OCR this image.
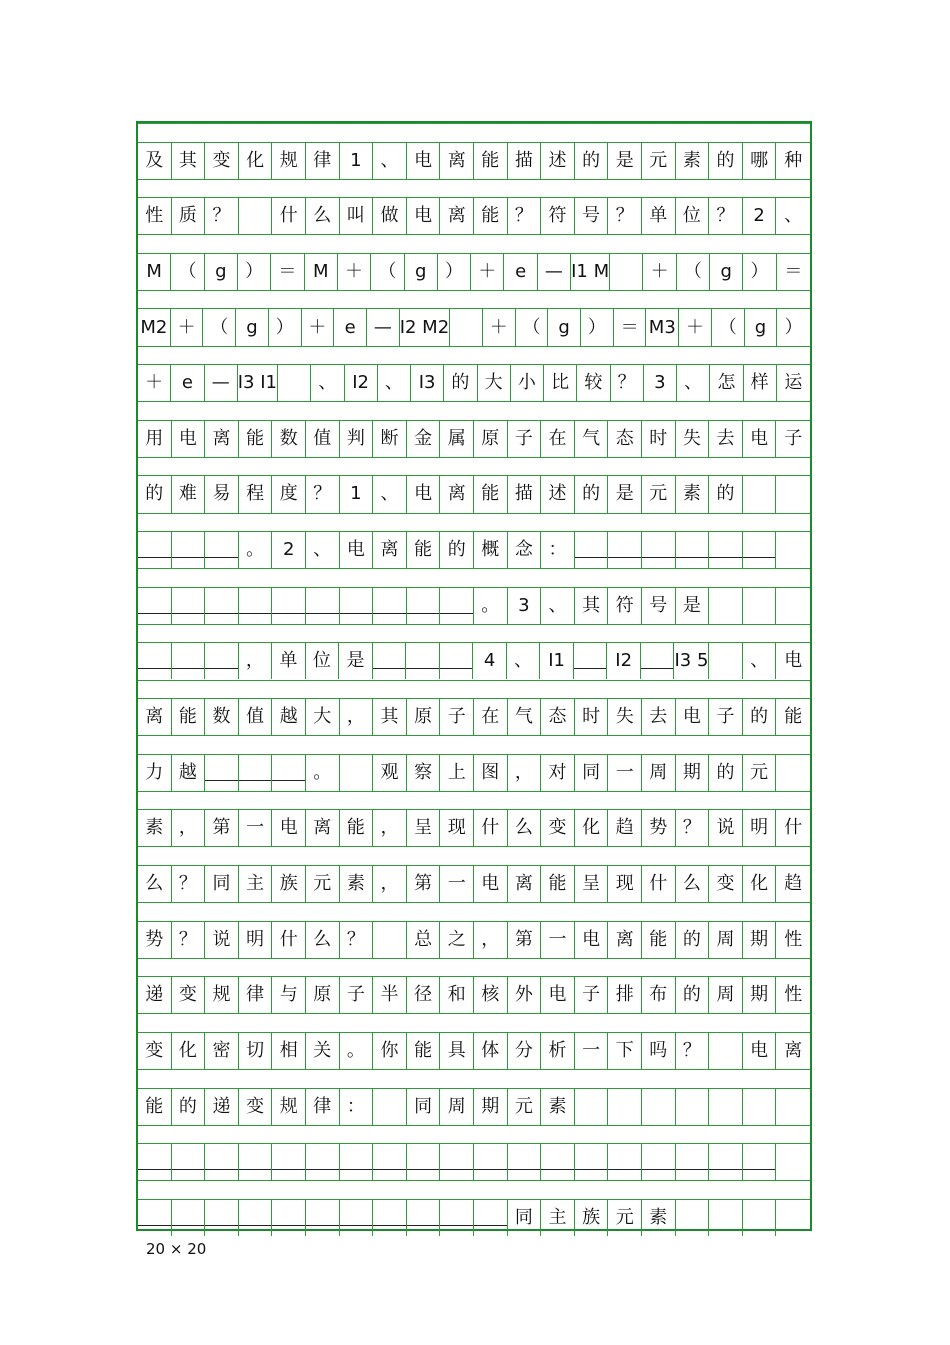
及 其 变 化 规 律	1	、 电 离 能 描 述 的 是 元 素 的 哪 种
性 质 ？	什 么 叫 做 电 离 能 ？ 符 号 ？ 单 位 ？	2	、
M （	g	） ＝ M ＋ （	g	） ＋	e	— I1 M	＋ （	g	） ＝
M2 ＋ （	g ） ＋	e	— I2 M2	＋ （ g	） ＝ M3 ＋ （	g	）
＋	e	— I3 I1	、 I2 、 I3 的 大 小 比 较 ？	3	、 怎 样 运
用 电 离 能 数 值 判 断 金 属 原 子 在 气 态 时 失 去 电 子
的 难 易 程 度 ？	1	、 电 离 能 描 述 的 是 元 素 的
。	2	、 电 离 能 的 概 念 ：
。	3	、 其 符 号 是
， 单 位 是	4	、 I1	I2	I3 5	、 电
离 能 数 值 越 大 ， 其 原 子 在 气 态 时 失 去 电 子 的 能
力 越	。	观 察 上 图 ， 对 同 一 周 期 的 元
素 ， 第 一 电 离 能 ， 呈 现 什 么 变 化 趋 势 ？ 说 明 什
么 ？ 同 主 族 元 素 ， 第 一 电 离 能 呈 现 什 么 变 化 趋
势 ？ 说 明 什 么 ？	总 之 ， 第 一 电 离 能 的 周 期 性
递 变 规 律 与 原 子 半 径 和 核 外 电 子 排 布 的 周 期 性
变 化 密 切 相 关 。 你 能 具 体 分 析 一 下 吗 ？	电 离
能 的 递 变 规 律 ：	同 周 期 元 素
同 主 族 元 素
20 × 20
